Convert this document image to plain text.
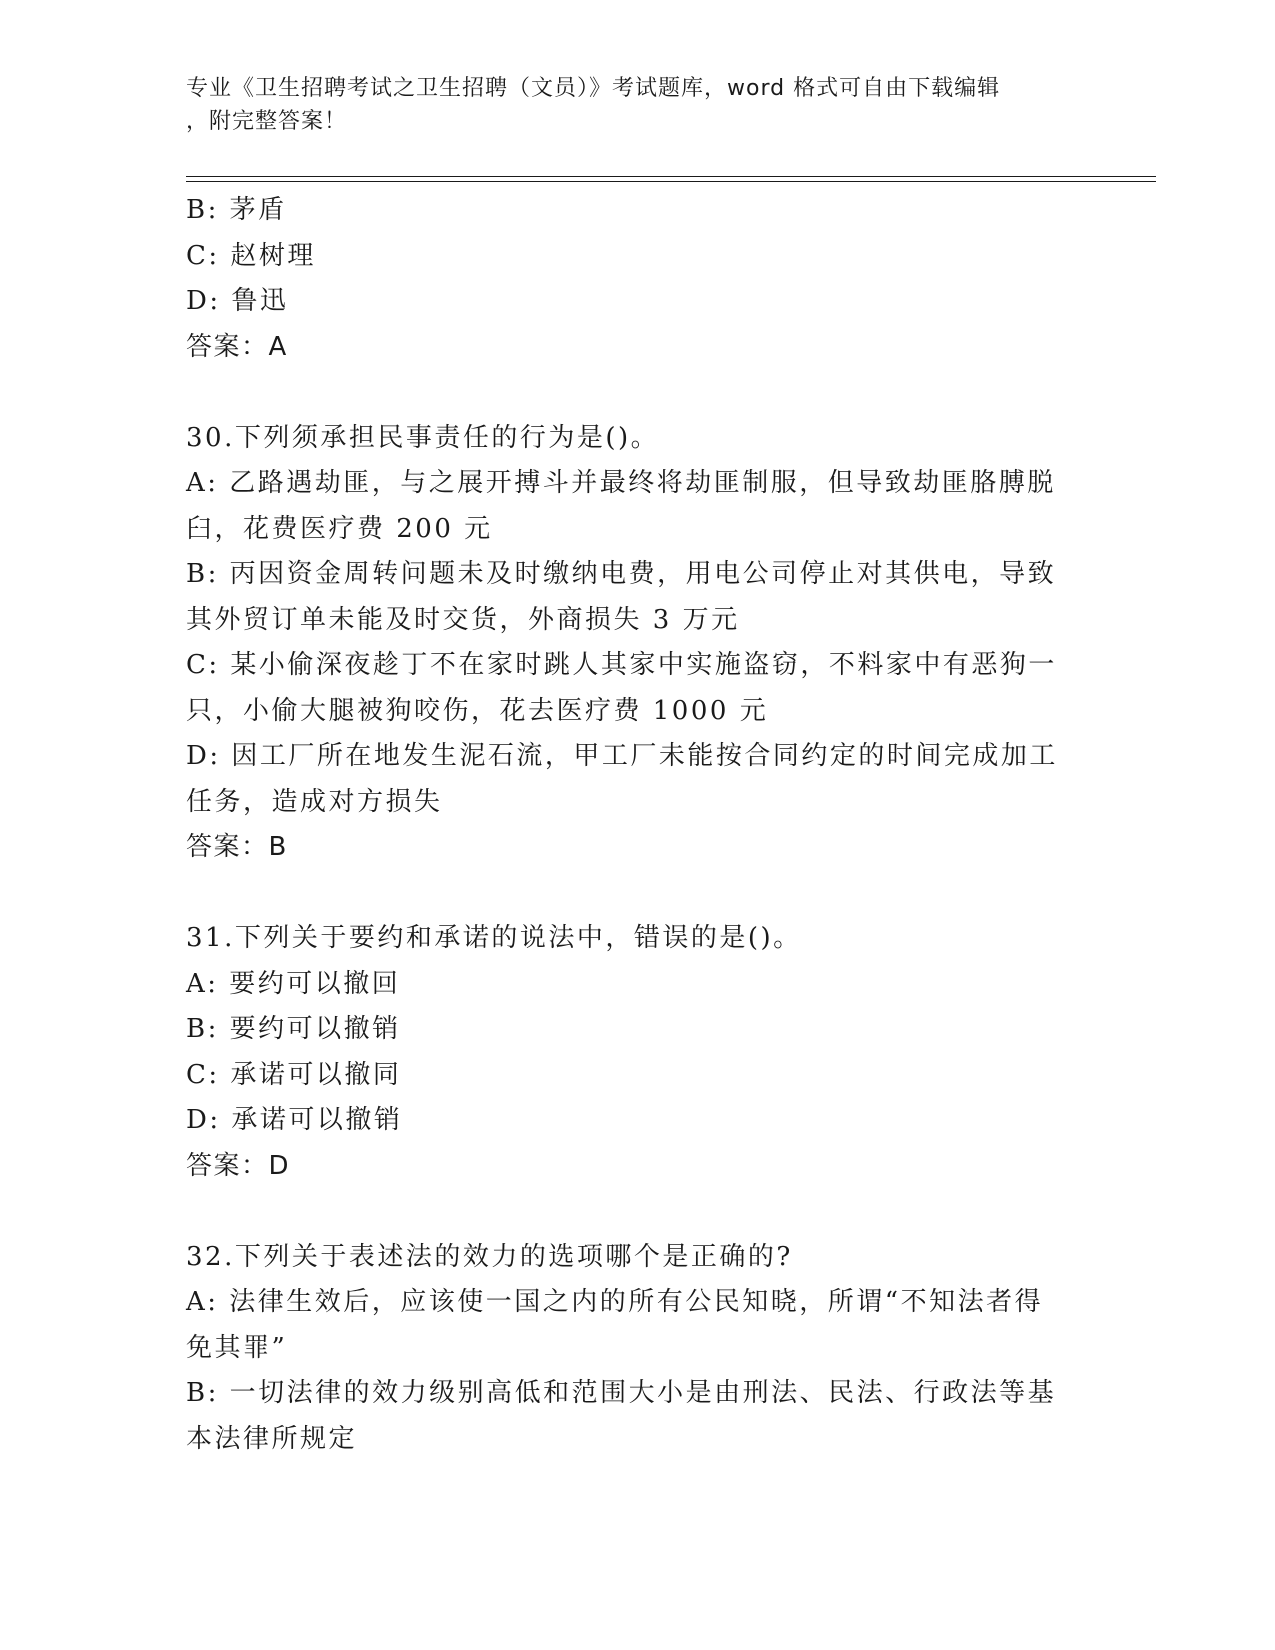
专业《卫生招聘考试之卫生招聘（文员）》考试题库，word 格式可自由下载编辑
，附完整答案！
B: 茅盾
C: 赵树理
D: 鲁迅
答案：A
30.下列须承担民事责任的行为是()。
A: 乙路遇劫匪，与之展开搏斗并最终将劫匪制服，但导致劫匪胳膊脱
臼，花费医疗费 200 元
B: 丙因资金周转问题未及时缴纳电费，用电公司停止对其供电，导致
其外贸订单未能及时交货，外商损失 3 万元
C: 某小偷深夜趁丁不在家时跳人其家中实施盗窃，不料家中有恶狗一
只，小偷大腿被狗咬伤，花去医疗费 1000 元
D: 因工厂所在地发生泥石流，甲工厂未能按合同约定的时间完成加工
任务，造成对方损失
答案：B
31.下列关于要约和承诺的说法中，错误的是()。
A: 要约可以撤回
B: 要约可以撤销
C: 承诺可以撤同
D: 承诺可以撤销
答案：D
32.下列关于表述法的效力的选项哪个是正确的?
A: 法律生效后，应该使一国之内的所有公民知晓，所谓“不知法者得
免其罪”
B: 一切法律的效力级别高低和范围大小是由刑法、民法、行政法等基
本法律所规定
